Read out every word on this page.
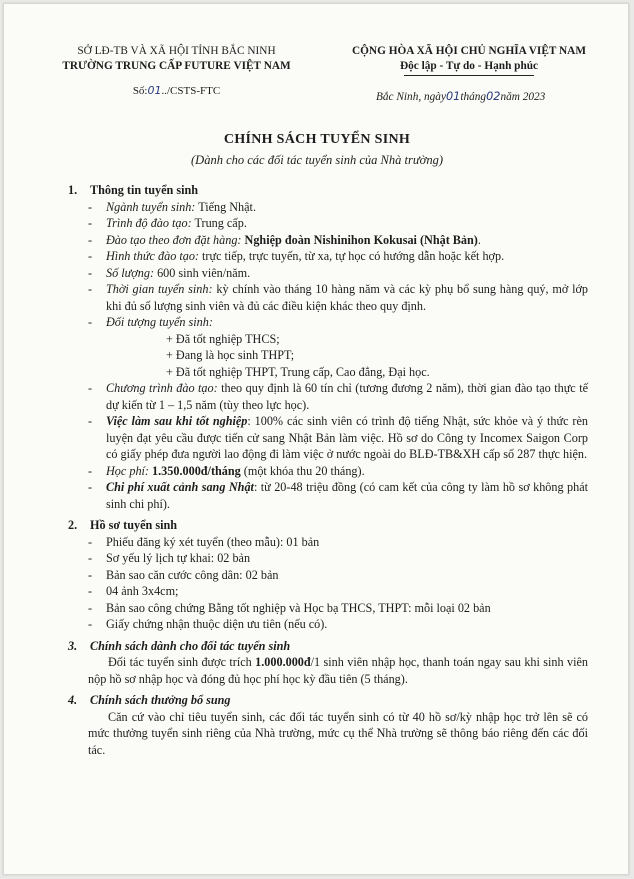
SỞ LĐ-TB VÀ XÃ HỘI TỈNH BẮC NINH
TRƯỜNG TRUNG CẤP FUTURE VIỆT NAM
Số:01../CSTS-FTC
CỘNG HÒA XÃ HỘI CHỦ NGHĨA VIỆT NAM
Độc lập - Tự do - Hạnh phúc
Bắc Ninh, ngày01tháng02năm 2023
CHÍNH SÁCH TUYỂN SINH
(Dành cho các đối tác tuyển sinh của Nhà trường)
1.	Thông tin tuyển sinh
-	Ngành tuyển sinh: Tiếng Nhật.
-	Trình độ đào tạo: Trung cấp.
-	Đào tạo theo đơn đặt hàng: Nghiệp đoàn Nishinihon Kokusai (Nhật Bản).
-	Hình thức đào tạo: trực tiếp, trực tuyến, từ xa, tự học có hướng dẫn hoặc kết hợp.
-	Số lượng: 600 sinh viên/năm.
-	Thời gian tuyển sinh: kỳ chính vào tháng 10 hàng năm và các kỳ phụ bổ sung hàng quý, mở lớp khi đủ số lượng sinh viên và đủ các điều kiện khác theo quy định.
-	Đối tượng tuyển sinh:
+ Đã tốt nghiệp THCS;
+ Đang là học sinh THPT;
+ Đã tốt nghiệp THPT, Trung cấp, Cao đẳng, Đại học.
-	Chương trình đào tạo: theo quy định là 60 tín chỉ (tương đương 2 năm), thời gian đào tạo thực tế dự kiến từ 1 – 1,5 năm (tùy theo lực học).
-	Việc làm sau khi tốt nghiệp: 100% các sinh viên có trình độ tiếng Nhật, sức khỏe và ý thức rèn luyện đạt yêu cầu được tiến cử sang Nhật Bản làm việc. Hồ sơ do Công ty Incomex Saigon Corp có giấy phép đưa người lao động đi làm việc ở nước ngoài do BLĐ-TB&XH cấp số 287 thực hiện.
-	Học phí: 1.350.000đ/tháng (một khóa thu 20 tháng).
-	Chi phí xuất cảnh sang Nhật: từ 20-48 triệu đồng (có cam kết của công ty làm hồ sơ không phát sinh chi phí).
2.	Hồ sơ tuyển sinh
-	Phiếu đăng ký xét tuyển (theo mẫu): 01 bản
-	Sơ yếu lý lịch tự khai: 02 bản
-	Bản sao căn cước công dân: 02 bản
-	04 ảnh 3x4cm;
-	Bản sao công chứng Bằng tốt nghiệp và Học bạ THCS, THPT: mỗi loại 02 bản
-	Giấy chứng nhận thuộc diện ưu tiên (nếu có).
3.	Chính sách dành cho đối tác tuyển sinh
Đối tác tuyển sinh được trích 1.000.000đ/1 sinh viên nhập học, thanh toán ngay sau khi sinh viên nộp hồ sơ nhập học và đóng đủ học phí học kỳ đầu tiên (5 tháng).
4.	Chính sách thưởng bổ sung
Căn cứ vào chỉ tiêu tuyển sinh, các đối tác tuyển sinh có từ 40 hồ sơ/kỳ nhập học trở lên sẽ có mức thưởng tuyển sinh riêng của Nhà trường, mức cụ thể Nhà trường sẽ thông báo riêng đến các đối tác.
